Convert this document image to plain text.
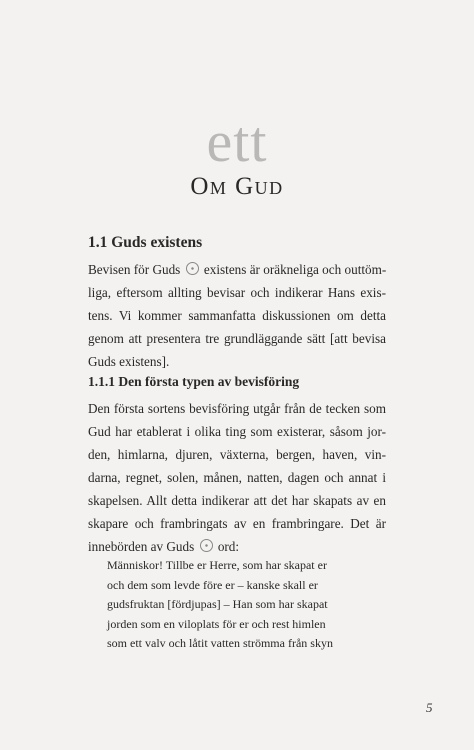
ett
Om Gud
1.1 Guds existens
Bevisen för Guds existens är oräkneliga och outtöm-
liga, eftersom allting bevisar och indikerar Hans exis-
tens. Vi kommer sammanfatta diskussionen om detta
genom att presentera tre grundläggande sätt [att bevisa
Guds existens].
1.1.1 Den första typen av bevisföring
Den första sortens bevisföring utgår från de tecken som
Gud har etablerat i olika ting som existerar, såsom jor-
den, himlarna, djuren, växterna, bergen, haven, vin-
darna, regnet, solen, månen, natten, dagen och annat i
skapelsen. Allt detta indikerar att det har skapats av en
skapare och frambringats av en frambringare. Det är
innebörden av Guds ord:
Människor! Tillbe er Herre, som har skapat er
och dem som levde före er – kanske skall er
gudsfruktan [fördjupas] – Han som har skapat
jorden som en viloplats för er och rest himlen
som ett valv och låtit vatten strömma från skyn
5
